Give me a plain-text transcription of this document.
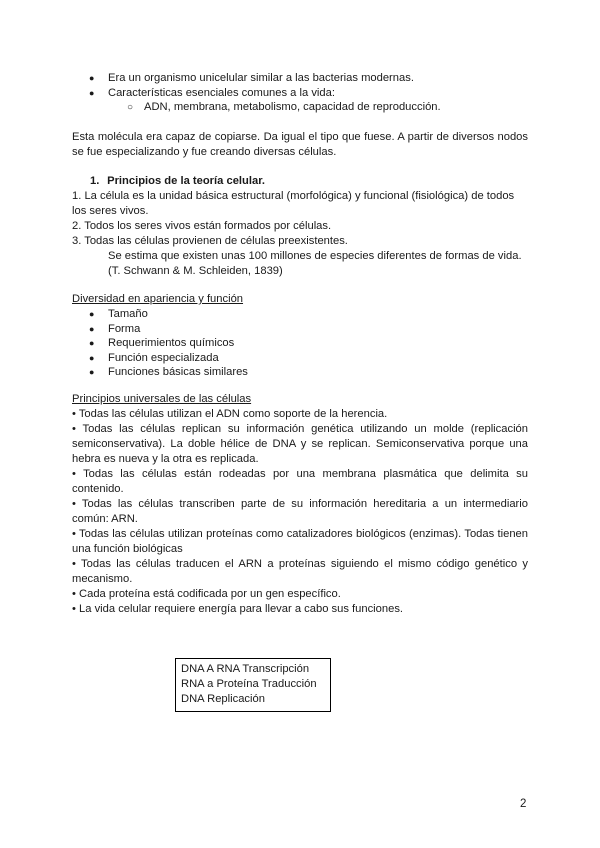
● Era un organismo unicelular similar a las bacterias modernas.
● Características esenciales comunes a la vida:
○ ADN, membrana, metabolismo, capacidad de reproducción.
Esta molécula era capaz de copiarse. Da igual el tipo que fuese. A partir de diversos nodos se fue especializando y fue creando diversas células.
1. Principios de la teoría celular.

1. La célula es la unidad básica estructural (morfológica) y funcional (fisiológica) de todos los seres vivos.

2. Todos los seres vivos están formados por células.

3. Todas las células provienen de células preexistentes.

Se estima que existen unas 100 millones de especies diferentes de formas de vida.

(T. Schwann & M. Schleiden, 1839)

Diversidad en apariencia y función
● Tamaño
● Forma
● Requerimientos químicos
● Función especializada
● Funciones básicas similares
Principios universales de las células

• Todas las células utilizan el ADN como soporte de la herencia.

• Todas las células replican su información genética utilizando un molde (replicación semiconservativa). La doble hélice de DNA y se replican. Semiconservativa porque una hebra es nueva y la otra es replicada.

• Todas las células están rodeadas por una membrana plasmática que delimita su contenido.

• Todas las células transcriben parte de su información hereditaria a un intermediario común: ARN.

• Todas las células utilizan proteínas como catalizadores biológicos (enzimas). Todas tienen una función biológicas

• Todas las células traducen el ARN a proteínas siguiendo el mismo código genético y mecanismo.

• Cada proteína está codificada por un gen específico.

• La vida celular requiere energía para llevar a cabo sus funciones.

DNA A RNA Transcripción
RNA a Proteína Traducción
DNA Replicación
2
